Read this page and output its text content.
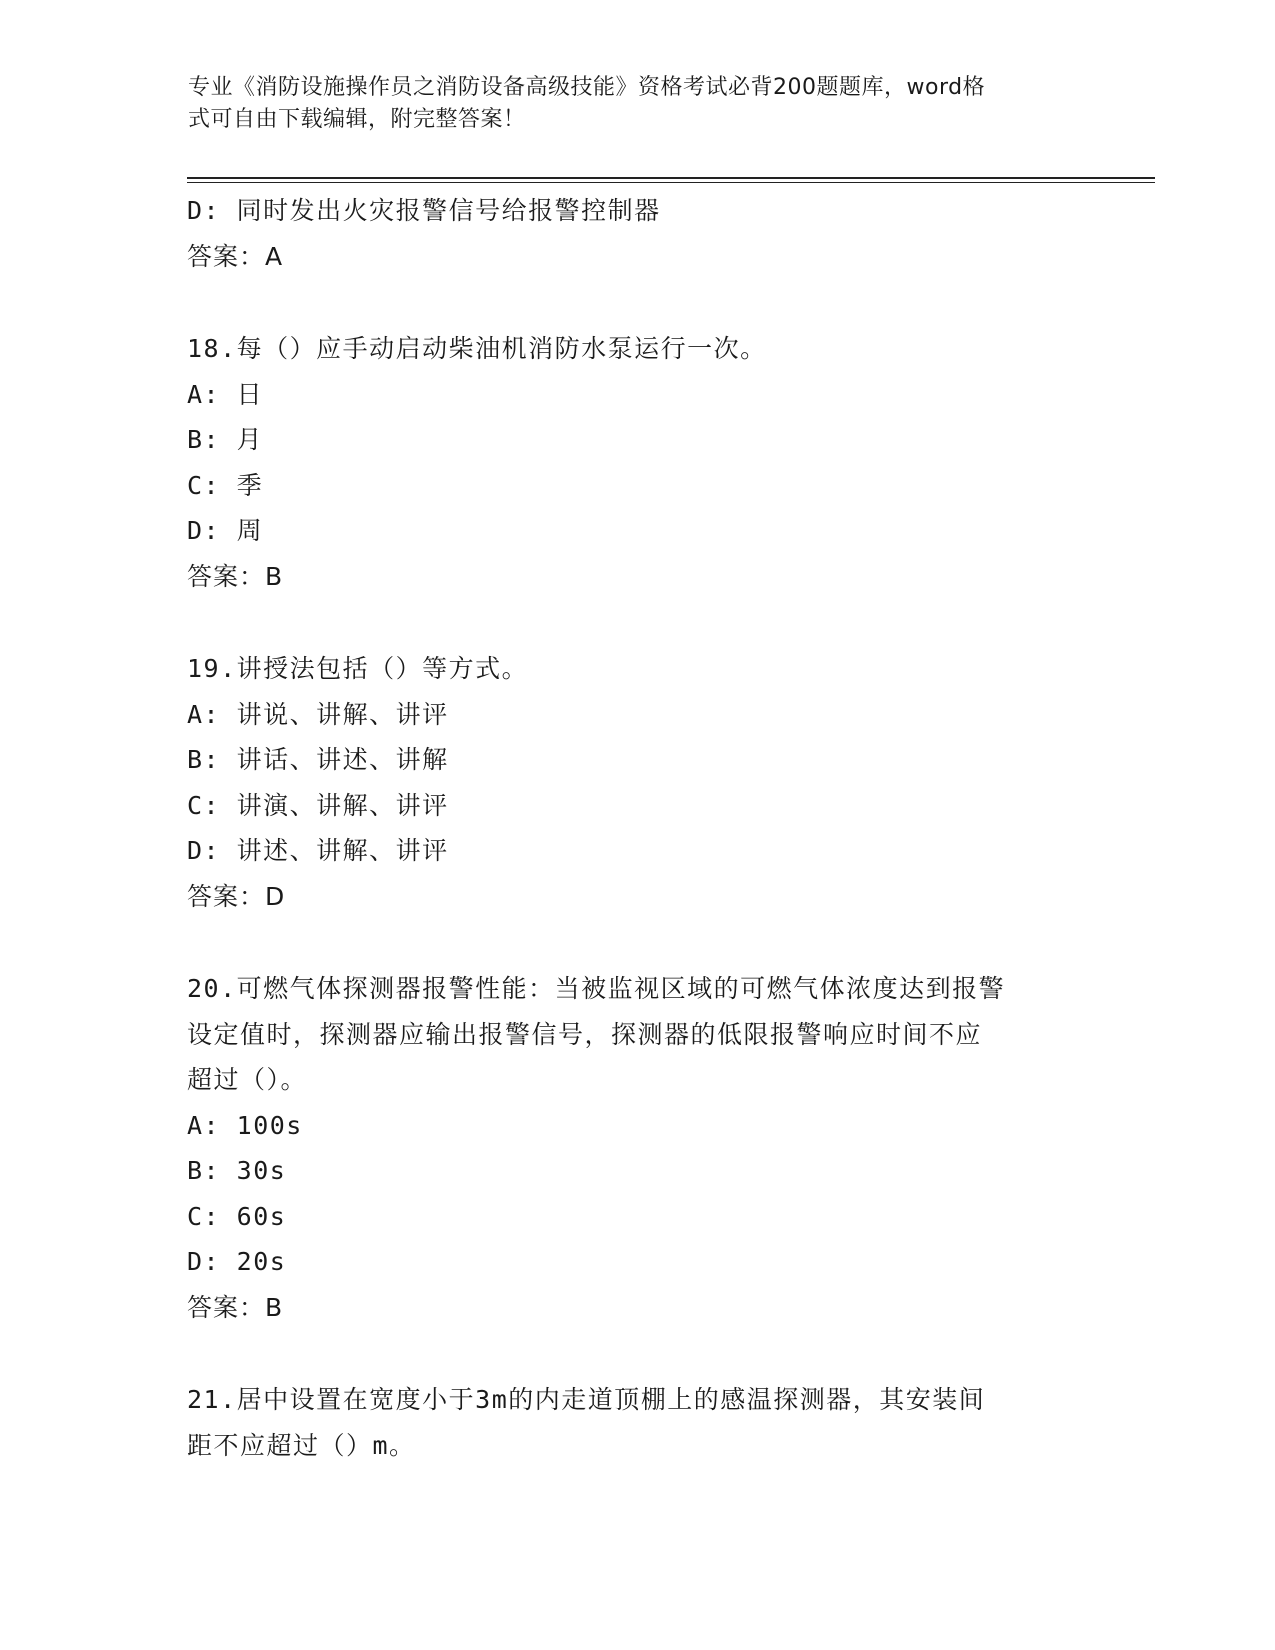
专业《消防设施操作员之消防设备高级技能》资格考试必背200题题库，word格
式可自由下载编辑，附完整答案！
D: 同时发出火灾报警信号给报警控制器
答案：A
18.每（）应手动启动柴油机消防水泵运行一次。
A: 日
B: 月
C: 季
D: 周
答案：B
19.讲授法包括（）等方式。
A: 讲说、讲解、讲评
B: 讲话、讲述、讲解
C: 讲演、讲解、讲评
D: 讲述、讲解、讲评
答案：D
20.可燃气体探测器报警性能：当被监视区域的可燃气体浓度达到报警
设定值时，探测器应输出报警信号，探测器的低限报警响应时间不应
超过（）。
A: 100s
B: 30s
C: 60s
D: 20s
答案：B
21.居中设置在宽度小于3m的内走道顶棚上的感温探测器，其安装间
距不应超过（）m。
